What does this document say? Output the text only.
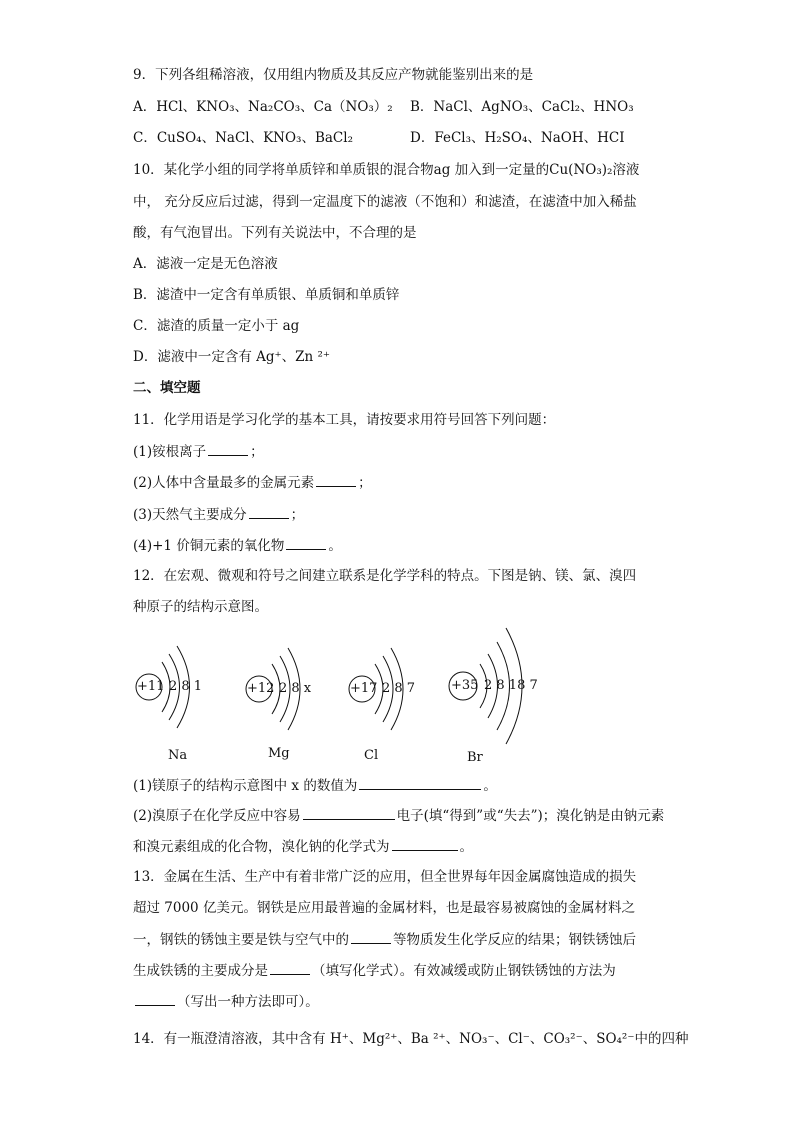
9．下列各组稀溶液，仅用组内物质及其反应产物就能鉴别出来的是
A．HCl、KNO₃、Na₂CO₃、Ca（NO₃）₂ B．NaCl、AgNO₃、CaCl₂、HNO₃
C．CuSO₄、NaCl、KNO₃、BaCl₂	D．FeCl₃、H₂SO₄、NaOH、HCI
10．某化学小组的同学将单质锌和单质银的混合物ag 加入到一定量的Cu(NO₃)₂溶液
中， 充分反应后过滤，得到一定温度下的滤液（不饱和）和滤渣，在滤渣中加入稀盐
酸，有气泡冒出。下列有关说法中，不合理的是
A．滤液一定是无色溶液
B．滤渣中一定含有单质银、单质铜和单质锌
C．滤渣的质量一定小于 ag
D．滤液中一定含有 Ag⁺、Zn ²⁺
二、填空题
11．化学用语是学习化学的基本工具，请按要求用符号回答下列问题：
(1)铵根离子	；
(2)人体中含量最多的金属元素	；
(3)天然气主要成分	；
(4)+1 价铜元素的氧化物	。
12．在宏观、微观和符号之间建立联系是化学学科的特点。下图是钠、镁、氯、溴四
种原子的结构示意图。
+11 2 8 1	+12 2 8 x	+17 2 8 7	+35 2 8 18 7
Na	Mg	Cl	Br
(1)镁原子的结构示意图中 x 的数值为	。
(2)溴原子在化学反应中容易	电子(填“得到”或“失去”)；溴化钠是由钠元素
和溴元素组成的化合物，溴化钠的化学式为	。
13．金属在生活、生产中有着非常广泛的应用，但全世界每年因金属腐蚀造成的损失
超过 7000 亿美元。钢铁是应用最普遍的金属材料，也是最容易被腐蚀的金属材料之
一，钢铁的锈蚀主要是铁与空气中的	等物质发生化学反应的结果；钢铁锈蚀后
生成铁锈的主要成分是	（填写化学式）。有效减缓或防止钢铁锈蚀的方法为
（写出一种方法即可）。
14．有一瓶澄清溶液，其中含有 H⁺、Mg²⁺、Ba ²⁺、NO₃⁻、Cl⁻、CO₃²⁻、SO₄²⁻中的四种
